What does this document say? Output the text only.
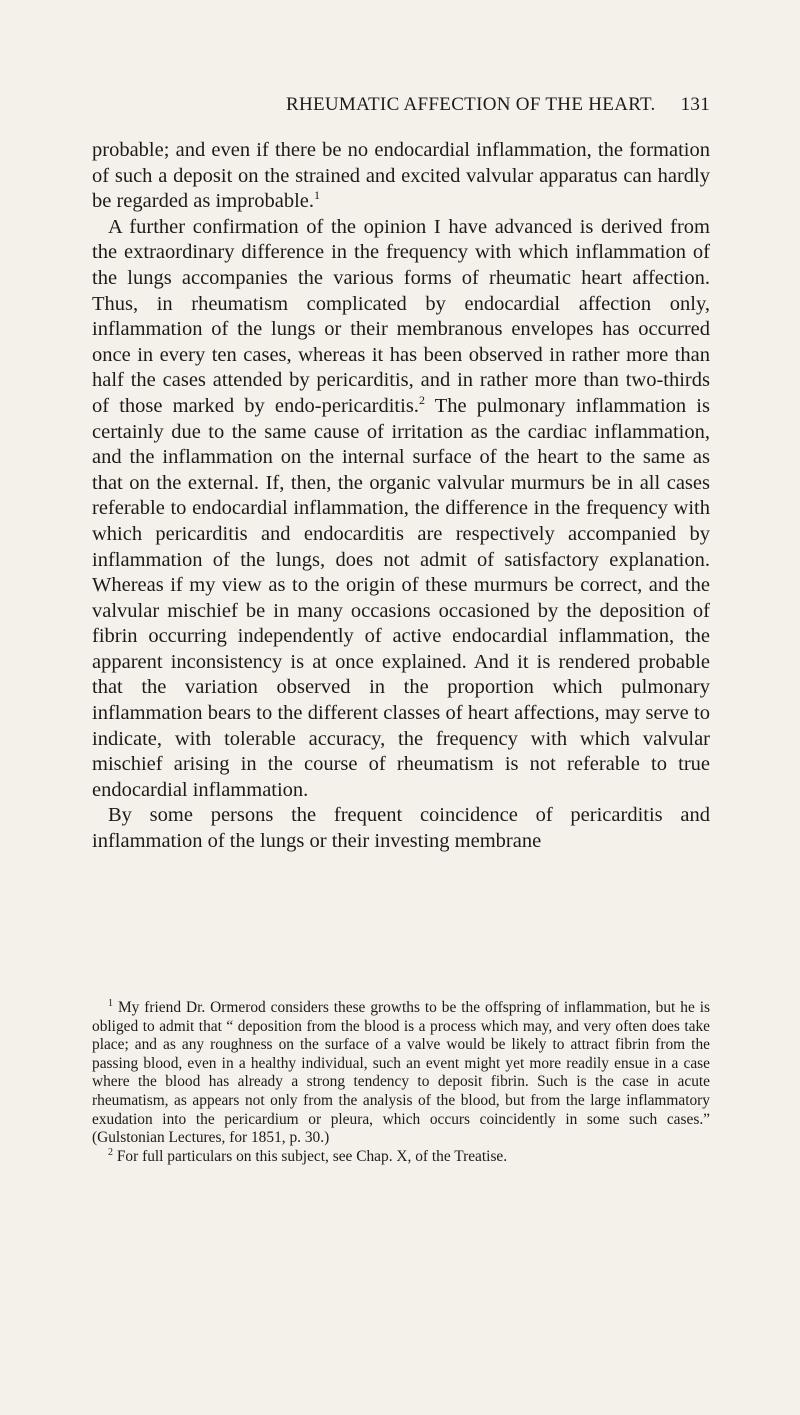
RHEUMATIC AFFECTION OF THE HEART. 131

probable; and even if there be no endocardial inflammation, the formation of such a deposit on the strained and excited valvular apparatus can hardly be regarded as improbable.$^1$

A further confirmation of the opinion I have advanced is derived from the extraordinary difference in the frequency with which inflammation of the lungs accompanies the various forms of rheumatic heart affection. Thus, in rheumatism complicated by endocardial affection only, inflammation of the lungs or their membranous envelopes has occurred once in every ten cases, whereas it has been observed in rather more than half the cases attended by pericarditis, and in rather more than two-thirds of those marked by endo-pericarditis.$^2$ The pulmonary inflammation is certainly due to the same cause of irritation as the cardiac inflammation, and the inflammation on the internal surface of the heart to the same as that on the external. If, then, the organic valvular murmurs be in all cases referable to endocardial inflammation, the difference in the frequency with which pericarditis and endocarditis are respectively accompanied by inflammation of the lungs, does not admit of satisfactory explanation. Whereas if my view as to the origin of these murmurs be correct, and the valvular mischief be in many occasions occasioned by the deposition of fibrin occurring independently of active endocardial inflammation, the apparent inconsistency is at once explained. And it is rendered probable that the variation observed in the proportion which pulmonary inflammation bears to the different classes of heart affections, may serve to indicate, with tolerable accuracy, the frequency with which valvular mischief arising in the course of rheumatism is not referable to true endocardial inflammation.

By some persons the frequent coincidence of pericarditis and inflammation of the lungs or their investing membrane

$^1$ My friend Dr. Ormerod considers these growths to be the offspring of inflammation, but he is obliged to admit that “ deposition from the blood is a process which may, and very often does take place; and as any roughness on the surface of a valve would be likely to attract fibrin from the passing blood, even in a healthy individual, such an event might yet more readily ensue in a case where the blood has already a strong tendency to deposit fibrin. Such is the case in acute rheumatism, as appears not only from the analysis of the blood, but from the large inflammatory exudation into the pericardium or pleura, which occurs coincidently in some such cases.” (Gulstonian Lectures, for 1851, p. 30.)

$^2$ For full particulars on this subject, see Chap. X, of the Treatise.
